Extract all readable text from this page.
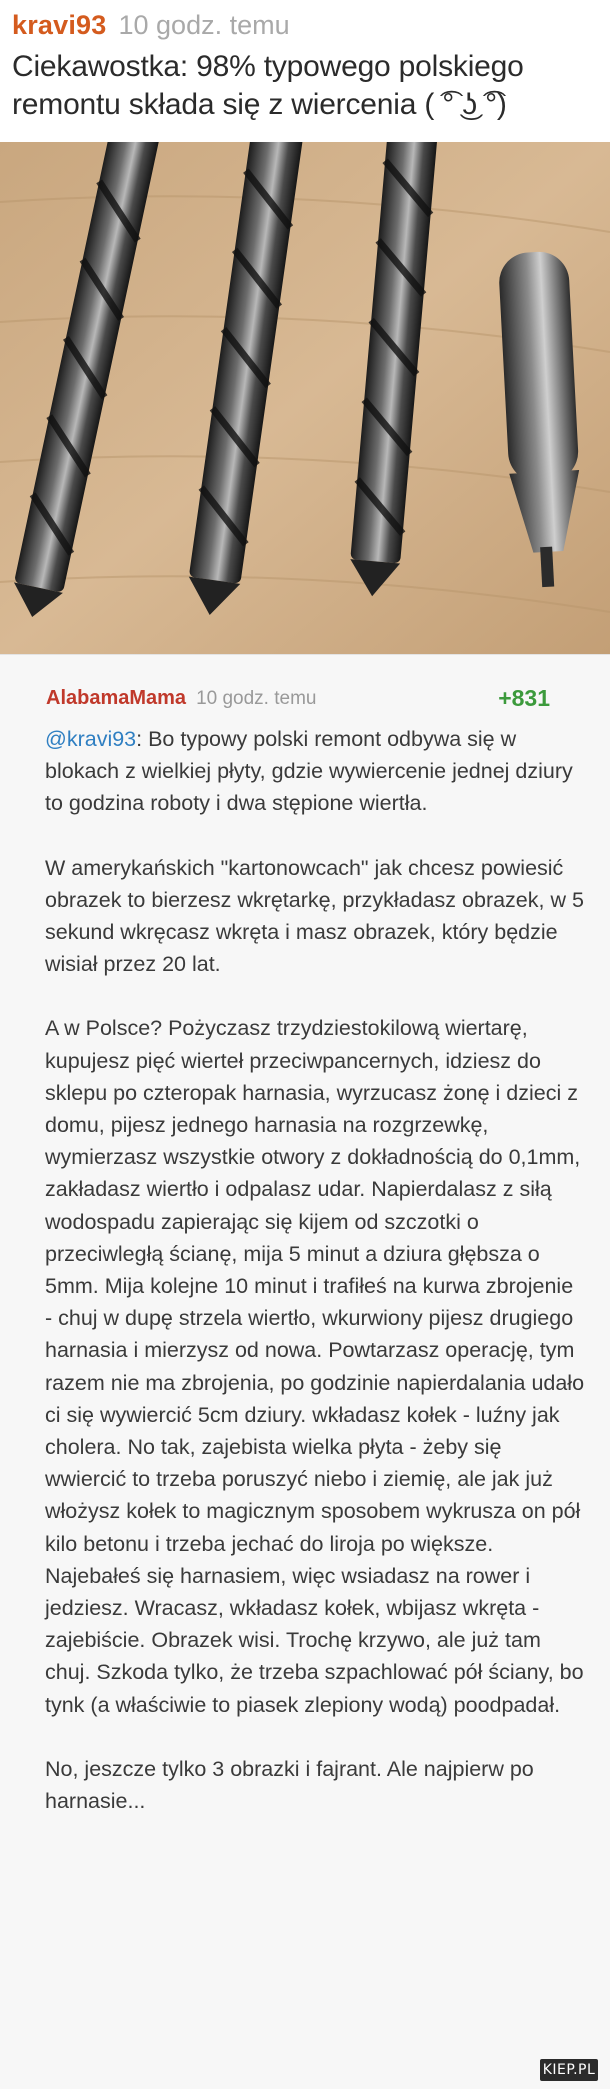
kravi93 10 godz. temu
Ciekawostka: 98% typowego polskiego remontu składa się z wiercenia ( ͡° ͜ʖ ͡°)
AlabamaMama 10 godz. temu	+831

@kravi93: Bo typowy polski remont odbywa się w blokach z wielkiej płyty, gdzie wywiercenie jednej dziury to godzina roboty i dwa stępione wiertła.

W amerykańskich "kartonowcach" jak chcesz powiesić obrazek to bierzesz wkrętarkę, przykładasz obrazek, w 5 sekund wkręcasz wkręta i masz obrazek, który będzie wisiał przez 20 lat.

A w Polsce? Pożyczasz trzydziestokilową wiertarę, kupujesz pięć wierteł przeciwpancernych, idziesz do sklepu po czteropak harnasia, wyrzucasz żonę i dzieci z domu, pijesz jednego harnasia na rozgrzewkę, wymierzasz wszystkie otwory z dokładnością do 0,1mm, zakładasz wiertło i odpalasz udar. Napierdalasz z siłą wodospadu zapierając się kijem od szczotki o przeciwległą ścianę, mija 5 minut a dziura głębsza o 5mm. Mija kolejne 10 minut i trafiłeś na kurwa zbrojenie - chuj w dupę strzela wiertło, wkurwiony pijesz drugiego harnasia i mierzysz od nowa. Powtarzasz operację, tym razem nie ma zbrojenia, po godzinie napierdalania udało ci się wywiercić 5cm dziury. wkładasz kołek - luźny jak cholera. No tak, zajebista wielka płyta - żeby się wwiercić to trzeba poruszyć niebo i ziemię, ale jak już włożysz kołek to magicznym sposobem wykrusza on pół kilo betonu i trzeba jechać do liroja po większe. Najebałeś się harnasiem, więc wsiadasz na rower i jedziesz. Wracasz, wkładasz kołek, wbijasz wkręta - zajebiście. Obrazek wisi. Trochę krzywo, ale już tam chuj. Szkoda tylko, że trzeba szpachlować pół ściany, bo tynk (a właściwie to piasek zlepiony wodą) poodpadał.

No, jeszcze tylko 3 obrazki i fajrant. Ale najpierw po harnasie...

KIEP.PL
